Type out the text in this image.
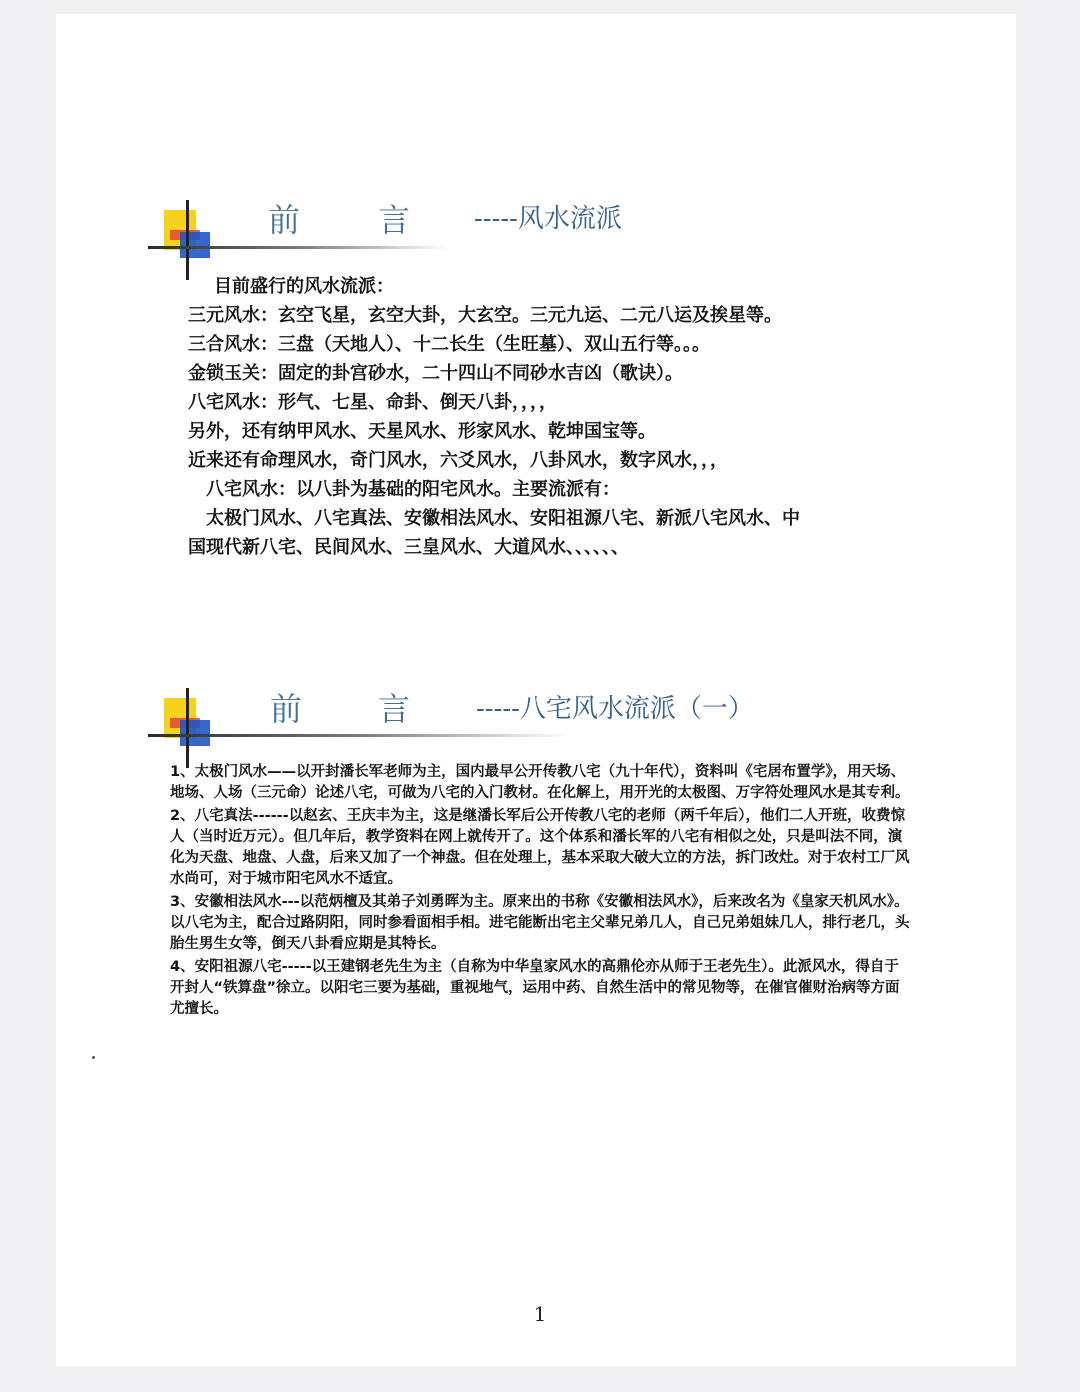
前 言 -----风水流派
　目前盛行的风水流派：
三元风水：玄空飞星，玄空大卦，大玄空。三元九运、二元八运及挨星等。
三合风水：三盘（天地人）、十二长生（生旺墓）、双山五行等。。。
金锁玉关：固定的卦宫砂水，二十四山不同砂水吉凶（歌诀）。
八宅风水：形气、七星、命卦、倒天八卦，，，，
另外，还有纳甲风水、天星风水、形家风水、乾坤国宝等。
近来还有命理风水，奇门风水，六爻风水，八卦风水，数字风水，，，
　八宅风水：以八卦为基础的阳宅风水。主要流派有：
　太极门风水、八宅真法、安徽相法风水、安阳祖源八宅、新派八宅风水、中
国现代新八宅、民间风水、三皇风水、大道风水、、、、、、
前 言	-----八宅风水流派（一）
1、太极门风水——以开封潘长军老师为主，国内最早公开传教八宅（九十年代），资料叫《宅居布置学》，用天场、地场、人场（三元命）论述八宅，可做为八宅的入门教材。在化解上，用开光的太极图、万字符处理风水是其专利。
2、八宅真法------以赵玄、王庆丰为主，这是继潘长军后公开传教八宅的老师（两千年后），他们二人开班，收费惊人（当时近万元）。但几年后，教学资料在网上就传开了。这个体系和潘长军的八宅有相似之处，只是叫法不同，演化为天盘、地盘、人盘，后来又加了一个神盘。但在处理上，基本采取大破大立的方法，拆门改灶。对于农村工厂风水尚可，对于城市阳宅风水不适宜。
3、安徽相法风水---以范炳檀及其弟子刘勇晖为主。原来出的书称《安徽相法风水》，后来改名为《皇家天机风水》。以八宅为主，配合过路阴阳，同时参看面相手相。进宅能断出宅主父辈兄弟几人，自己兄弟姐妹几人，排行老几，头胎生男生女等，倒天八卦看应期是其特长。
4、安阳祖源八宅-----以王建钢老先生为主（自称为中华皇家风水的高鼎伦亦从师于王老先生）。此派风水，得自于开封人“铁算盘”徐立。以阳宅三要为基础，重视地气，运用中药、自然生活中的常见物等，在催官催财治病等方面尤擅长。
1
